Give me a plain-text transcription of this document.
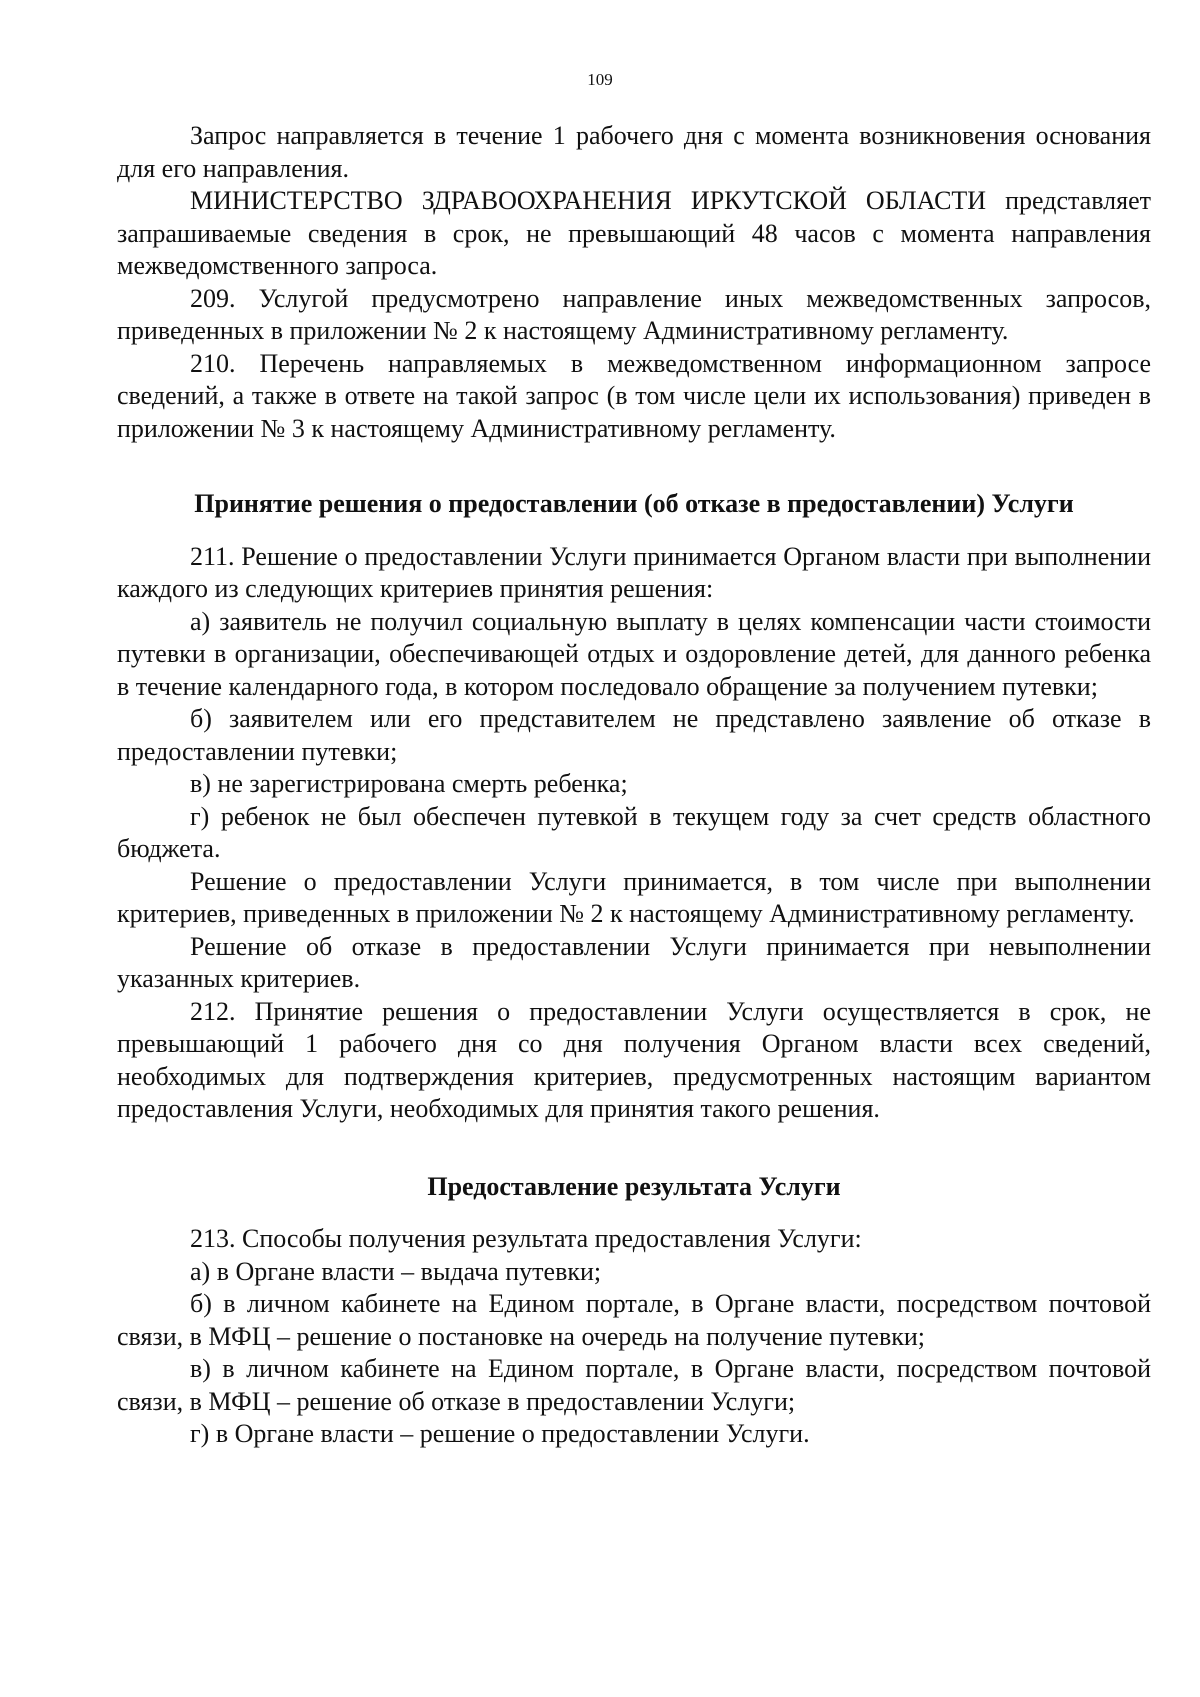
109

Запрос направляется в течение 1 рабочего дня с момента возникновения основания для его направления.

МИНИСТЕРСТВО ЗДРАВООХРАНЕНИЯ ИРКУТСКОЙ ОБЛАСТИ представляет запрашиваемые сведения в срок, не превышающий 48 часов с момента направления межведомственного запроса.

209. Услугой предусмотрено направление иных межведомственных запросов, приведенных в приложении № 2 к настоящему Административному регламенту.

210. Перечень направляемых в межведомственном информационном запросе сведений, а также в ответе на такой запрос (в том числе цели их использования) приведен в приложении № 3 к настоящему Административному регламенту.

Принятие решения о предоставлении (об отказе в предоставлении) Услуги

211. Решение о предоставлении Услуги принимается Органом власти при выполнении каждого из следующих критериев принятия решения:

а) заявитель не получил социальную выплату в целях компенсации части стоимости путевки в организации, обеспечивающей отдых и оздоровление детей, для данного ребенка в течение календарного года, в котором последовало обращение за получением путевки;

б) заявителем или его представителем не представлено заявление об отказе в предоставлении путевки;

в) не зарегистрирована смерть ребенка;

г) ребенок не был обеспечен путевкой в текущем году за счет средств областного бюджета.

Решение о предоставлении Услуги принимается, в том числе при выполнении критериев, приведенных в приложении № 2 к настоящему Административному регламенту.

Решение об отказе в предоставлении Услуги принимается при невыполнении указанных критериев.

212. Принятие решения о предоставлении Услуги осуществляется в срок, не превышающий 1 рабочего дня со дня получения Органом власти всех сведений, необходимых для подтверждения критериев, предусмотренных настоящим вариантом предоставления Услуги, необходимых для принятия такого решения.

Предоставление результата Услуги

213. Способы получения результата предоставления Услуги:

а) в Органе власти – выдача путевки;

б) в личном кабинете на Едином портале, в Органе власти, посредством почтовой связи, в МФЦ – решение о постановке на очередь на получение путевки;

в) в личном кабинете на Едином портале, в Органе власти, посредством почтовой связи, в МФЦ – решение об отказе в предоставлении Услуги;

г) в Органе власти – решение о предоставлении Услуги.
